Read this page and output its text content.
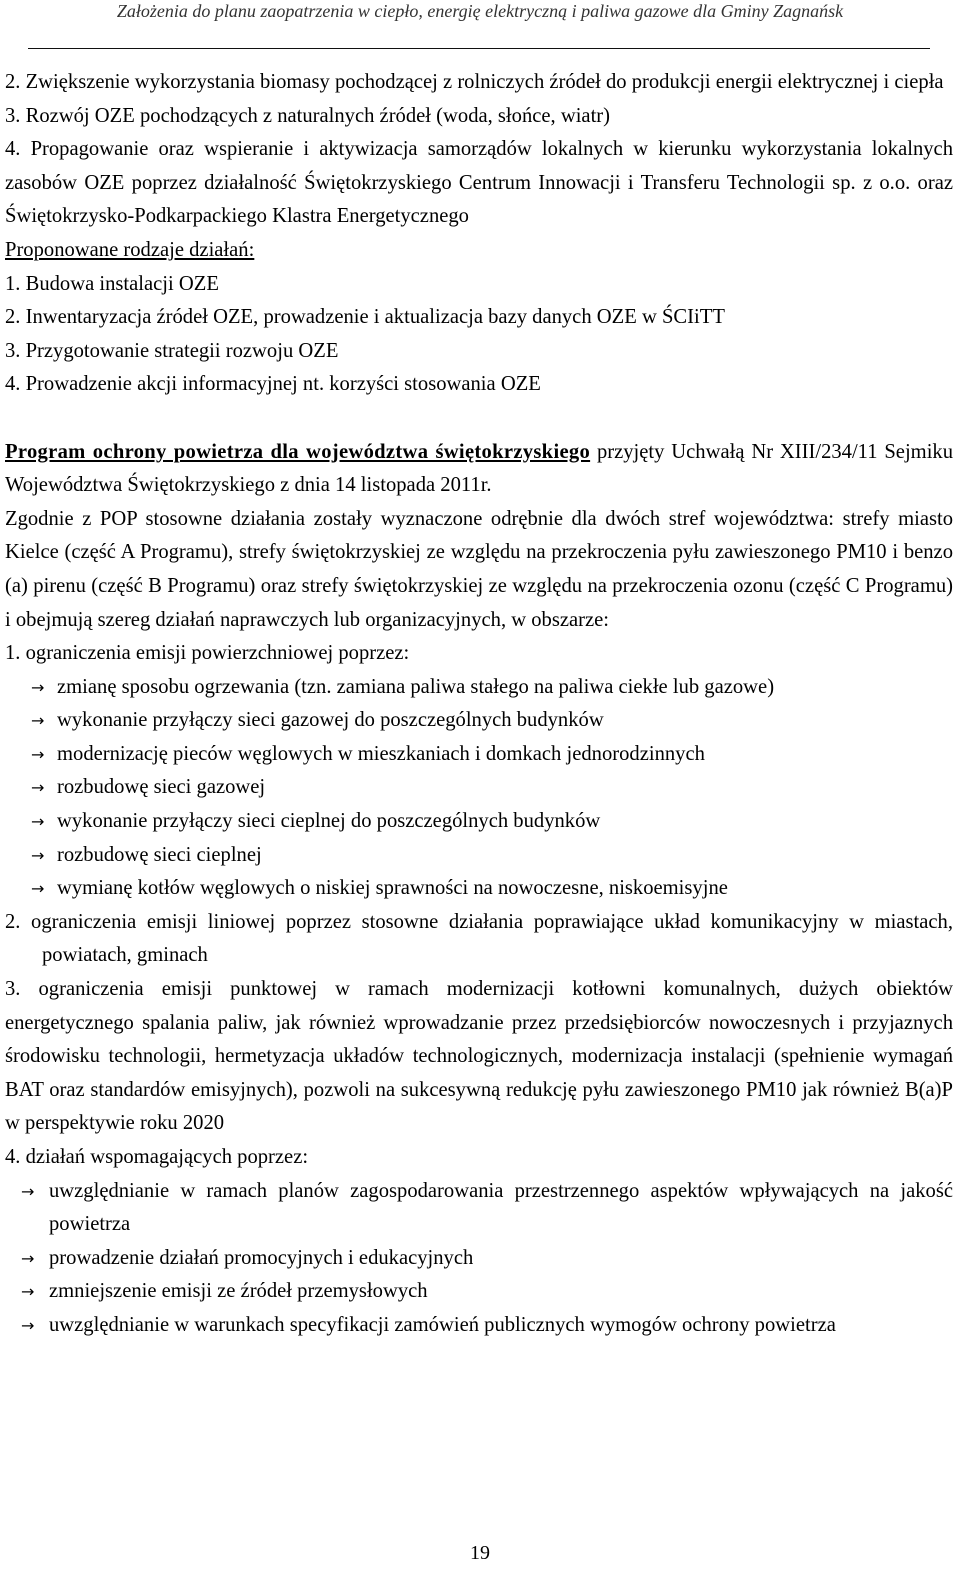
Założenia do planu zaopatrzenia w ciepło, energię elektryczną i paliwa gazowe dla Gminy Zagnańsk

2. Zwiększenie wykorzystania biomasy pochodzącej z rolniczych źródeł do produkcji energii elektrycznej i ciepła

3. Rozwój OZE pochodzących z naturalnych źródeł (woda, słońce, wiatr)

4. Propagowanie oraz wspieranie i aktywizacja samorządów lokalnych w kierunku wykorzystania lokalnych zasobów OZE poprzez działalność Świętokrzyskiego Centrum Innowacji i Transferu Technologii sp. z o.o. oraz Świętokrzysko-Podkarpackiego Klastra Energetycznego

Proponowane rodzaje działań:

1. Budowa instalacji OZE

2. Inwentaryzacja źródeł OZE, prowadzenie i aktualizacja bazy danych OZE w ŚCIiTT

3. Przygotowanie strategii rozwoju OZE

4. Prowadzenie akcji informacyjnej nt. korzyści stosowania OZE

Program ochrony powietrza dla województwa świętokrzyskiego przyjęty Uchwałą Nr XIII/234/11 Sejmiku Województwa Świętokrzyskiego z dnia 14 listopada 2011r.

Zgodnie z POP stosowne działania zostały wyznaczone odrębnie dla dwóch stref województwa: strefy miasto Kielce (część A Programu), strefy świętokrzyskiej ze względu na przekroczenia pyłu zawieszonego PM10 i benzo (a) pirenu (część B Programu) oraz strefy świętokrzyskiej ze względu na przekroczenia ozonu (część C Programu) i obejmują szereg działań naprawczych lub organizacyjnych, w obszarze:

1. ograniczenia emisji powierzchniowej poprzez:

→ zmianę sposobu ogrzewania (tzn. zamiana paliwa stałego na paliwa ciekłe lub gazowe)

→ wykonanie przyłączy sieci gazowej do poszczególnych budynków

→ modernizację pieców węglowych w mieszkaniach i domkach jednorodzinnych

→ rozbudowę sieci gazowej

→ wykonanie przyłączy sieci cieplnej do poszczególnych budynków

→ rozbudowę sieci cieplnej

→ wymianę kotłów węglowych o niskiej sprawności na nowoczesne, niskoemisyjne

2. ograniczenia emisji liniowej poprzez stosowne działania poprawiające układ komunikacyjny w miastach, powiatach, gminach

3. ograniczenia emisji punktowej w ramach modernizacji kotłowni komunalnych, dużych obiektów energetycznego spalania paliw, jak również wprowadzanie przez przedsiębiorców nowoczesnych i przyjaznych środowisku technologii, hermetyzacja układów technologicznych, modernizacja instalacji (spełnienie wymagań BAT oraz standardów emisyjnych), pozwoli na sukcesywną redukcję pyłu zawieszonego PM10 jak również B(a)P w perspektywie roku 2020

4. działań wspomagających poprzez:

→ uwzględnianie w ramach planów zagospodarowania przestrzennego aspektów wpływających na jakość powietrza

→ prowadzenie działań promocyjnych i edukacyjnych

→ zmniejszenie emisji ze źródeł przemysłowych

→ uwzględnianie w warunkach specyfikacji zamówień publicznych wymogów ochrony powietrza

19
